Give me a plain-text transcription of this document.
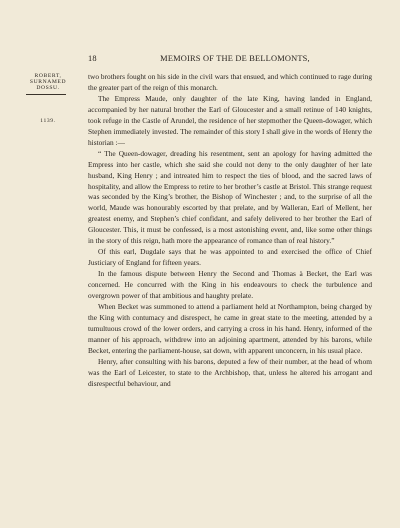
18	MEMOIRS OF THE DE BELLOMONTS,
ROBERT,
SURNAMED
DOSSU.
1139.

two brothers fought on his side in the civil wars that ensued, and which continued to rage during the greater part of the reign of this monarch.

The Empress Maude, only daughter of the late King, having landed in England, accompanied by her natural brother the Earl of Gloucester and a small retinue of 140 knights, took refuge in the Castle of Arundel, the residence of her stepmother the Queen-dowager, which Stephen immediately invested. The remainder of this story I shall give in the words of Henry the historian :—

“ The Queen-dowager, dreading his resentment, sent an apology for having admitted the Empress into her castle, which she said she could not deny to the only daughter of her late husband, King Henry ; and intreated him to respect the ties of blood, and the sacred laws of hospitality, and allow the Empress to retire to her brother’s castle at Bristol. This strange request was seconded by the King’s brother, the Bishop of Winchester ; and, to the surprise of all the world, Maude was honourably escorted by that prelate, and by Walleran, Earl of Mellent, her greatest enemy, and Stephen’s chief confidant, and safely delivered to her brother the Earl of Gloucester. This, it must be confessed, is a most astonishing event, and, like some other things in the story of this reign, hath more the appearance of romance than of real history.”

Of this earl, Dugdale says that he was appointed to and exercised the office of Chief Justiciary of England for fifteen years.

In the famous dispute between Henry the Second and Thomas à Becket, the Earl was concerned. He concurred with the King in his endeavours to check the turbulence and overgrown power of that ambitious and haughty prelate.

When Becket was summoned to attend a parliament held at Northampton, being charged by the King with contumacy and disrespect, he came in great state to the meeting, attended by a tumultuous crowd of the lower orders, and carrying a cross in his hand. Henry, informed of the manner of his approach, withdrew into an adjoining apartment, attended by his barons, while Becket, entering the parliament-house, sat down, with apparent unconcern, in his usual place.

Henry, after consulting with his barons, deputed a few of their number, at the head of whom was the Earl of Leicester, to state to the Archbishop, that, unless he altered his arrogant and disrespectful behaviour, and
